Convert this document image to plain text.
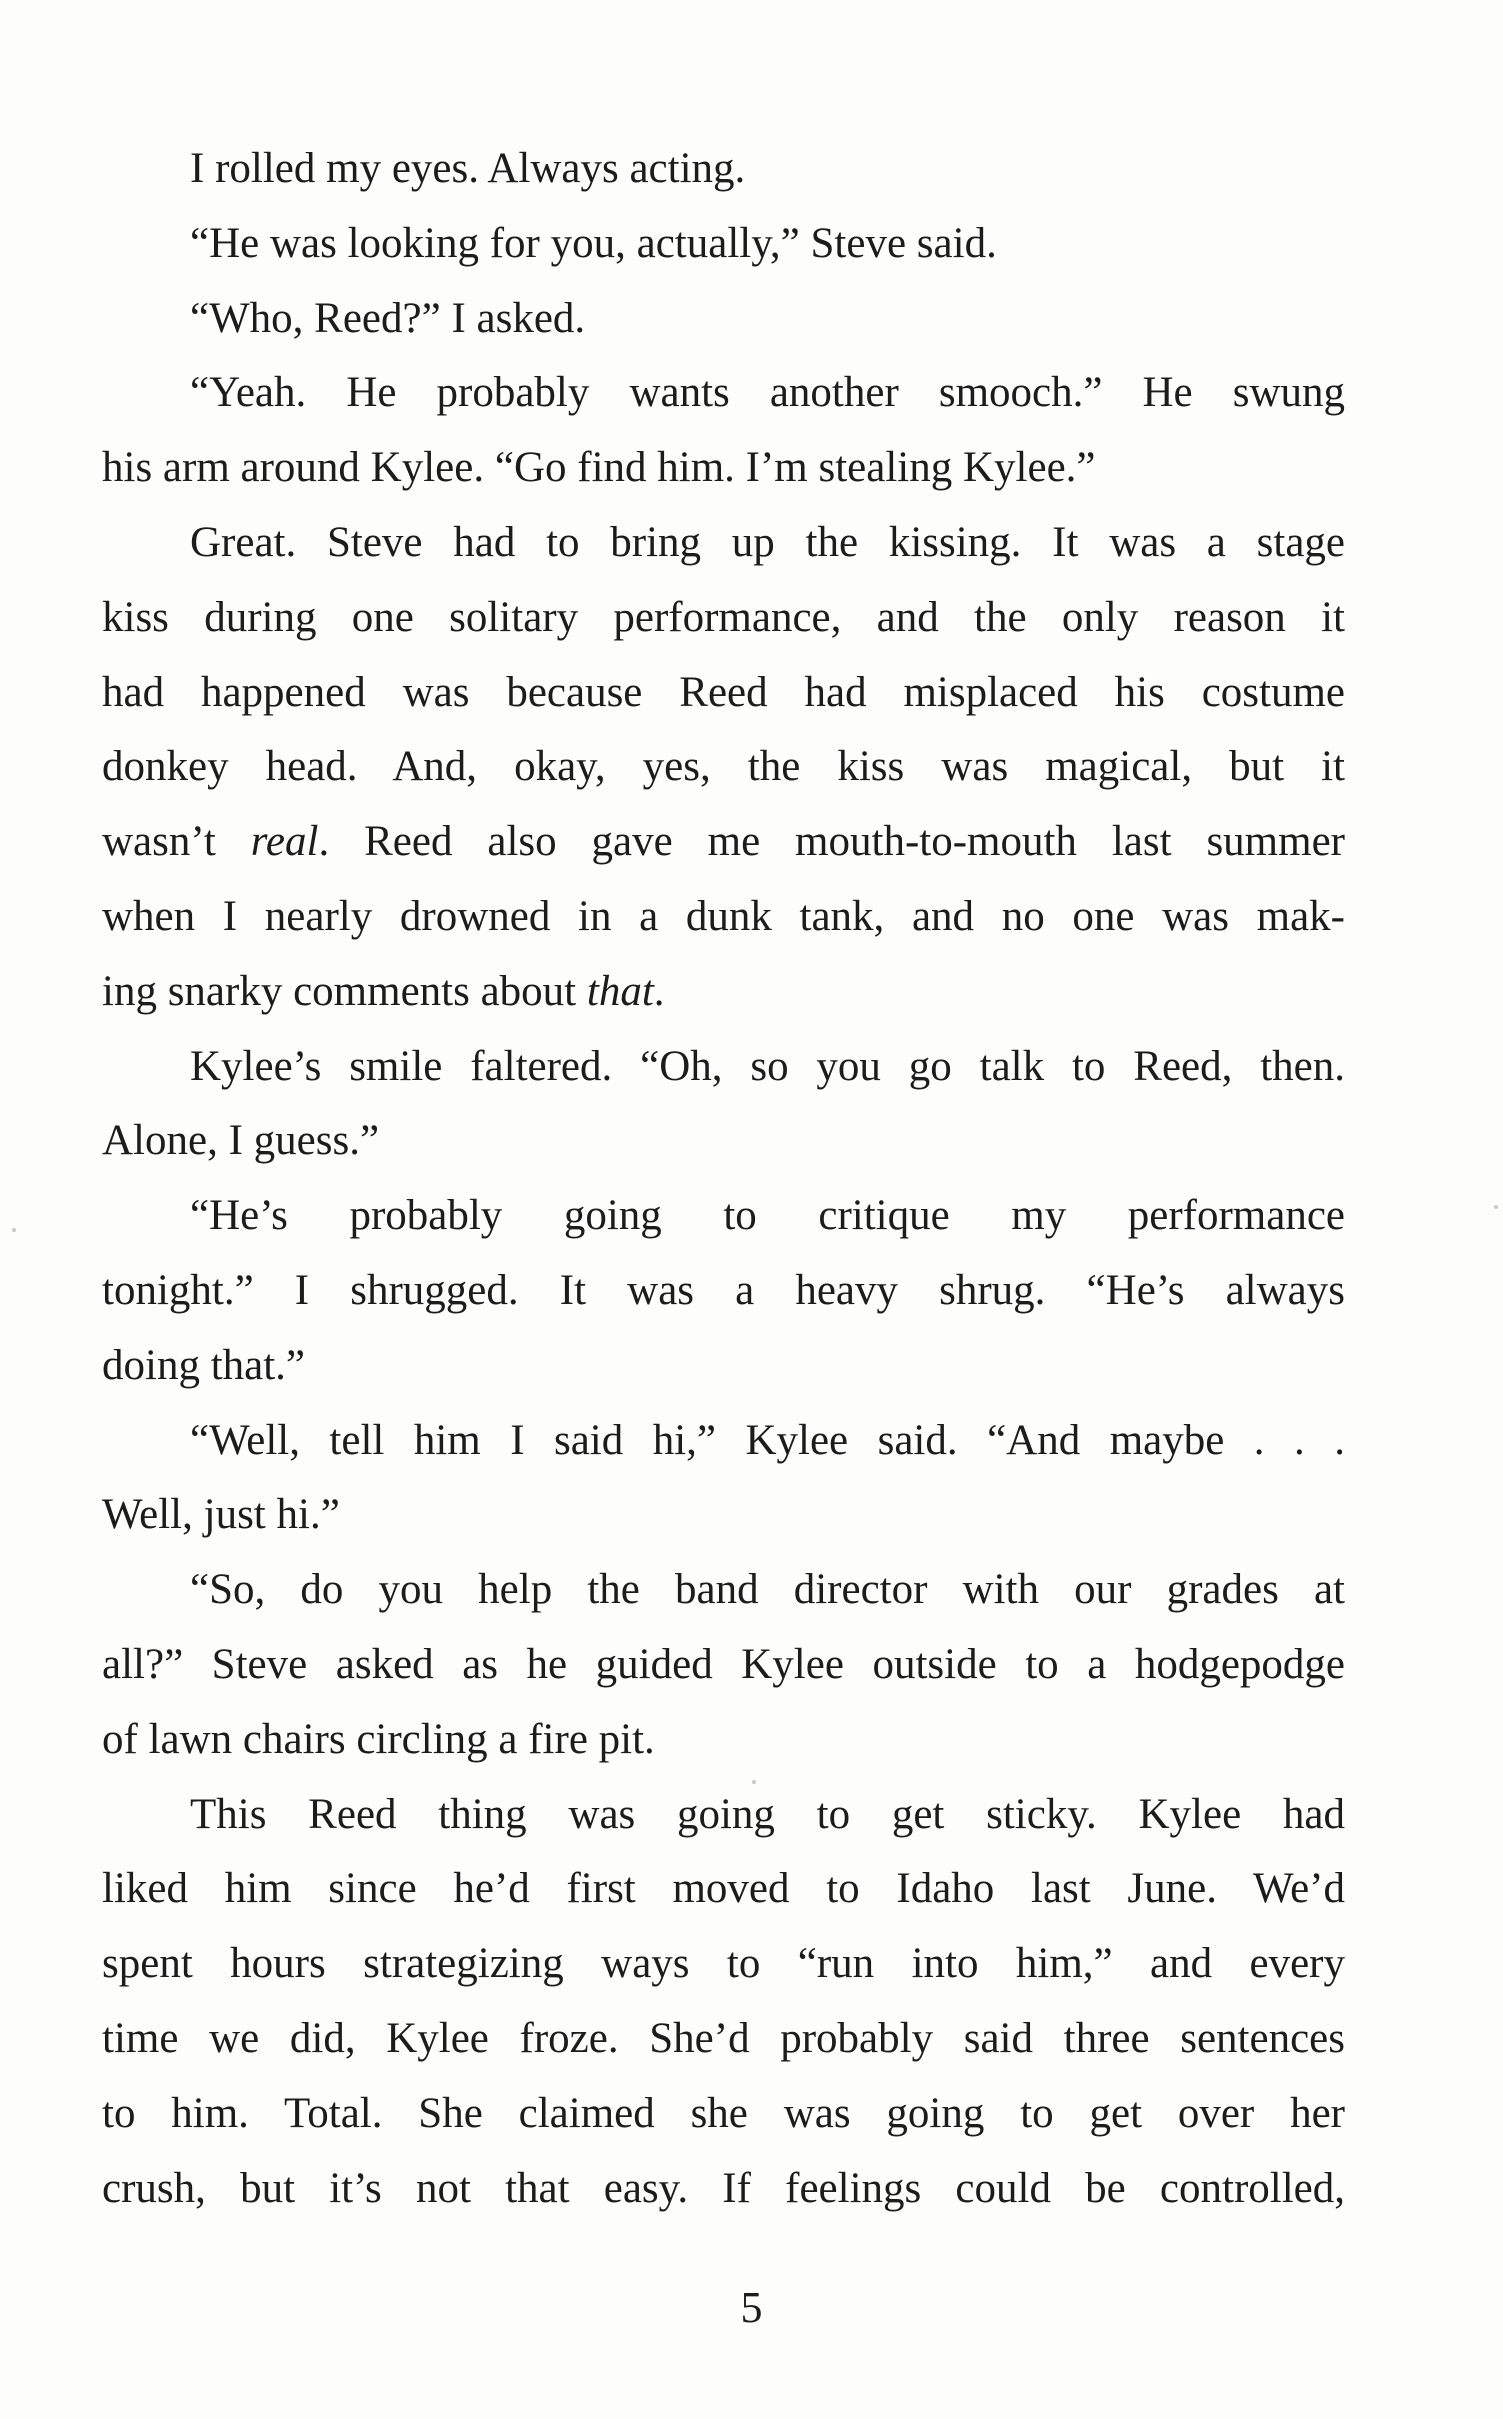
I rolled my eyes. Always acting.
“He was looking for you, actually,” Steve said.
“Who, Reed?” I asked.
“Yeah. He probably wants another smooch.” He swung
his arm around Kylee. “Go find him. I’m stealing Kylee.”
Great. Steve had to bring up the kissing. It was a stage
kiss during one solitary performance, and the only reason it
had happened was because Reed had misplaced his costume
donkey head. And, okay, yes, the kiss was magical, but it
wasn’t real. Reed also gave me mouth-to-mouth last summer
when I nearly drowned in a dunk tank, and no one was mak-
ing snarky comments about that.
Kylee’s smile faltered. “Oh, so you go talk to Reed, then.
Alone, I guess.”
“He’s probably going to critique my performance
tonight.” I shrugged. It was a heavy shrug. “He’s always
doing that.”
“Well, tell him I said hi,” Kylee said. “And maybe . . .
Well, just hi.”
“So, do you help the band director with our grades at
all?” Steve asked as he guided Kylee outside to a hodgepodge
of lawn chairs circling a fire pit.
This Reed thing was going to get sticky. Kylee had
liked him since he’d first moved to Idaho last June. We’d
spent hours strategizing ways to “run into him,” and every
time we did, Kylee froze. She’d probably said three sentences
to him. Total. She claimed she was going to get over her
crush, but it’s not that easy. If feelings could be controlled,
5
